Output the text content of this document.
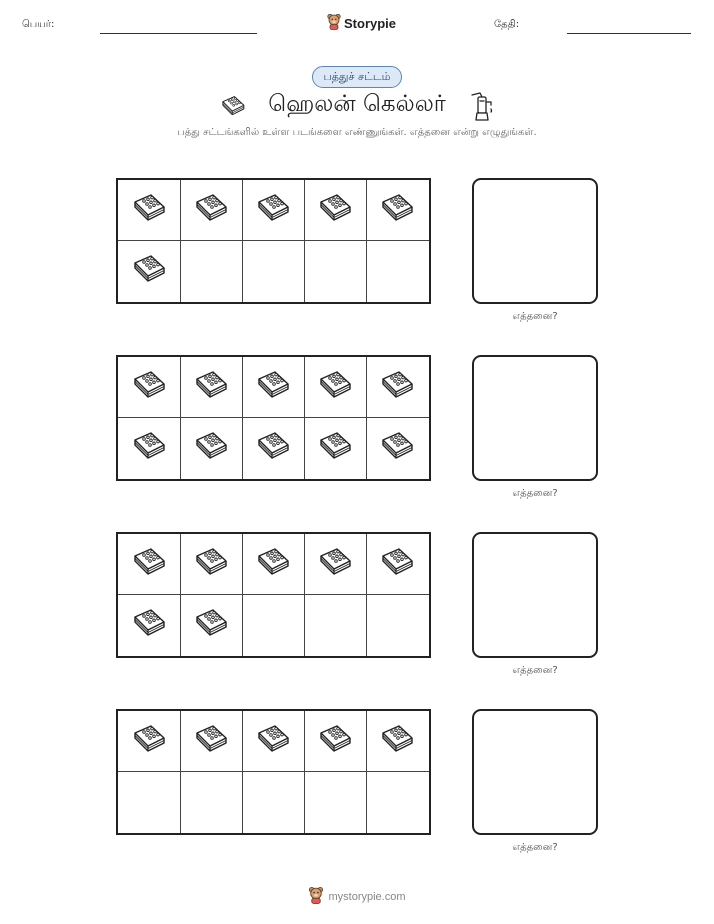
பெயர்:	Storypie	தேதி:
பத்துச் சட்டம்
ஹெலன் கெல்லர்
பத்து சட்டங்களில் உள்ள படங்களை எண்ணுங்கள். எத்தனை என்று எழுதுங்கள்.
எத்தனை?
எத்தனை?
எத்தனை?
எத்தனை?
mystorypie.com
